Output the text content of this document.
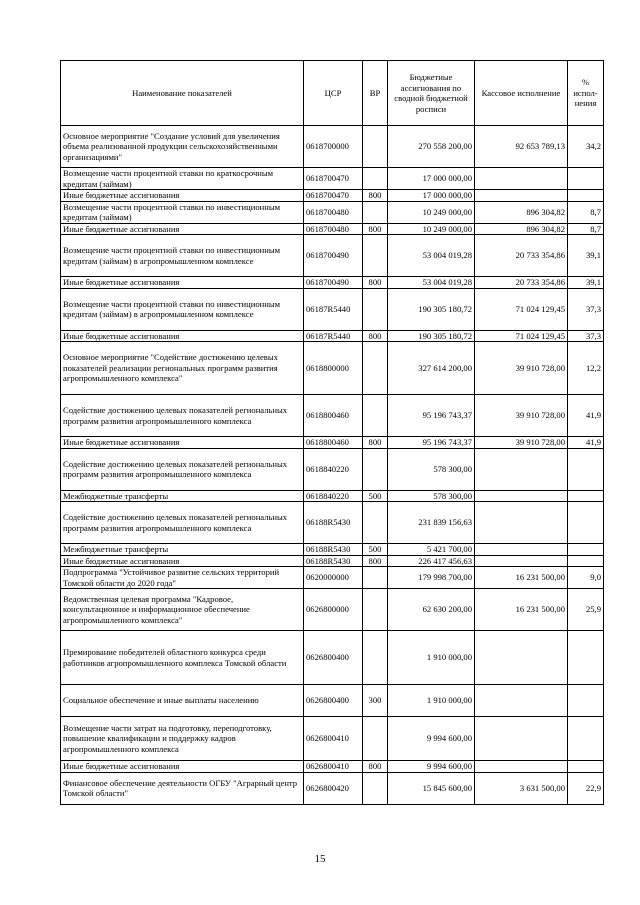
Наименование показателей	ЦСР	ВР	Бюджетные ассигнования по сводной бюджетной росписи	Кассовое исполнение	% испол-нения
Основное мероприятие "Создание условий для увеличения объема реализованной продукции сельскохозяйственными организациями"	0618700000		270 558 200,00	92 653 789,13	34,2
Возмещение части процентной ставки по краткосрочным кредитам (займам)	0618700470		17 000 000,00		
Иные бюджетные ассигнования	0618700470	800	17 000 000,00		
Возмещение части процентной ставки по инвестиционным кредитам (займам)	0618700480		10 249 000,00	896 304,82	8,7
Иные бюджетные ассигнования	0618700480	800	10 249 000,00	896 304,82	8,7
Возмещение части процентной ставки по инвестиционным кредитам (займам) в агропромышленном комплексе	0618700490		53 004 019,28	20 733 354,86	39,1
Иные бюджетные ассигнования	0618700490	800	53 004 019,28	20 733 354,86	39,1
Возмещение части процентной ставки по инвестиционным кредитам (займам) в агропромышленном комплексе	06187R5440		190 305 180,72	71 024 129,45	37,3
Иные бюджетные ассигнования	06187R5440	800	190 305 180,72	71 024 129,45	37,3
Основное мероприятие "Содействие достижению целевых показателей реализации региональных программ развития агропромышленного комплекса"	0618800000		327 614 200,00	39 910 728,00	12,2
Содействие достижению целевых показателей региональных программ развития агропромышленного комплекса	0618800460		95 196 743,37	39 910 728,00	41,9
Иные бюджетные ассигнования	0618800460	800	95 196 743,37	39 910 728,00	41,9
Содействие достижению целевых показателей региональных программ развития агропромышленного комплекса	0618840220		578 300,00		
Межбюджетные трансферты	0618840220	500	578 300,00		
Содействие достижению целевых показателей региональных программ развития агропромышленного комплекса	06188R5430		231 839 156,63		
Межбюджетные трансферты	06188R5430	500	5 421 700,00		
Иные бюджетные ассигнования	06188R5430	800	226 417 456,63		
Подпрограмма "Устойчивое развитие сельских территорий Томской области до 2020 года"	0620000000		179 998 700,00	16 231 500,00	9,0
Ведомственная целевая программа "Кадровое, консультационное и информационное обеспечение агропромышленного комплекса"	0626800000		62 630 200,00	16 231 500,00	25,9
Премирование победителей областного конкурса среди работников агропромышленного комплекса Томской области	0626800400		1 910 000,00		
Социальное обеспечение и иные выплаты населению	0626800400	300	1 910 000,00		
Возмещение части затрат на подготовку, переподготовку, повышение квалификации и поддержку кадров агропромышленного комплекса	0626800410		9 994 600,00		
Иные бюджетные ассигнования	0626800410	800	9 994 600,00		
Финансовое обеспечение деятельности ОГБУ "Аграрный центр Томской области"	0626800420		15 845 600,00	3 631 500,00	22,9
15
